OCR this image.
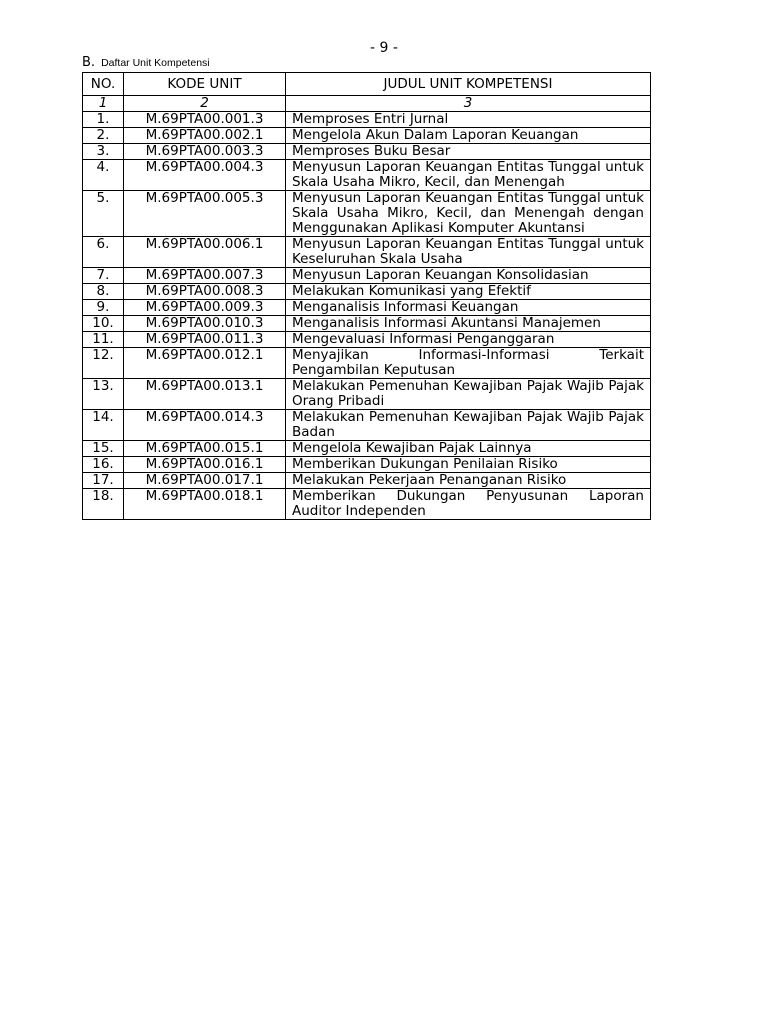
- 9 -
B. Daftar Unit Kompetensi
NO.	KODE UNIT	JUDUL UNIT KOMPETENSI
1	2	3
1.	M.69PTA00.001.3	Memproses Entri Jurnal
2.	M.69PTA00.002.1	Mengelola Akun Dalam Laporan Keuangan
3.	M.69PTA00.003.3	Memproses Buku Besar
4.	M.69PTA00.004.3	Menyusun Laporan Keuangan Entitas Tunggal untuk Skala Usaha Mikro, Kecil, dan Menengah

5.	M.69PTA00.005.3	Menyusun Laporan Keuangan Entitas Tunggal untuk Skala Usaha Mikro, Kecil, dan Menengah dengan Menggunakan Aplikasi Komputer Akuntansi
6.	M.69PTA00.006.1	Menyusun Laporan Keuangan Entitas Tunggal untuk Keseluruhan Skala Usaha
7.	M.69PTA00.007.3	Menyusun Laporan Keuangan Konsolidasian
8.	M.69PTA00.008.3	Melakukan Komunikasi yang Efektif
9.	M.69PTA00.009.3	Menganalisis Informasi Keuangan
10.	M.69PTA00.010.3	Menganalisis Informasi Akuntansi Manajemen
11.	M.69PTA00.011.3	Mengevaluasi Informasi Penganggaran
12.	M.69PTA00.012.1	Menyajikan Informasi-Informasi Terkait Pengambilan Keputusan
13.	M.69PTA00.013.1	Melakukan Pemenuhan Kewajiban Pajak Wajib Pajak Orang Pribadi
14.	M.69PTA00.014.3	Melakukan Pemenuhan Kewajiban Pajak Wajib Pajak Badan
15.	M.69PTA00.015.1	Mengelola Kewajiban Pajak Lainnya
16.	M.69PTA00.016.1	Memberikan Dukungan Penilaian Risiko
17.	M.69PTA00.017.1	Melakukan Pekerjaan Penanganan Risiko
18.	M.69PTA00.018.1	Memberikan Dukungan Penyusunan Laporan Auditor Independen
